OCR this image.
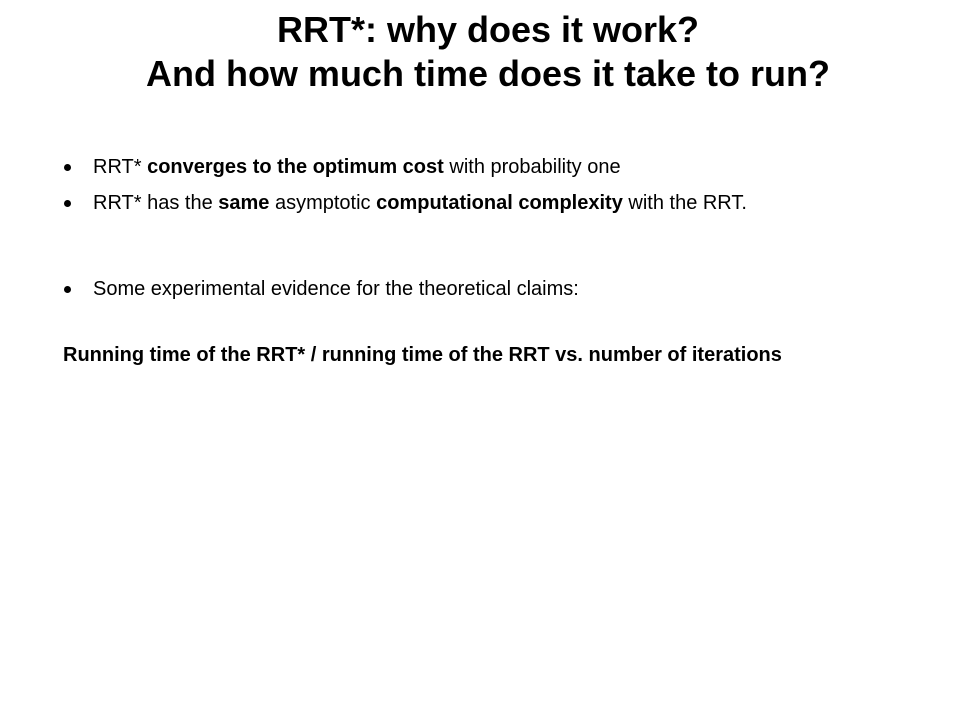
RRT*: why does it work?
And how much time does it take to run?
RRT* converges to the optimum cost with probability one
RRT* has the same asymptotic computational complexity with the RRT.
Some experimental evidence for the theoretical claims:
Running time of the RRT* / running time of the RRT vs. number of iterations
